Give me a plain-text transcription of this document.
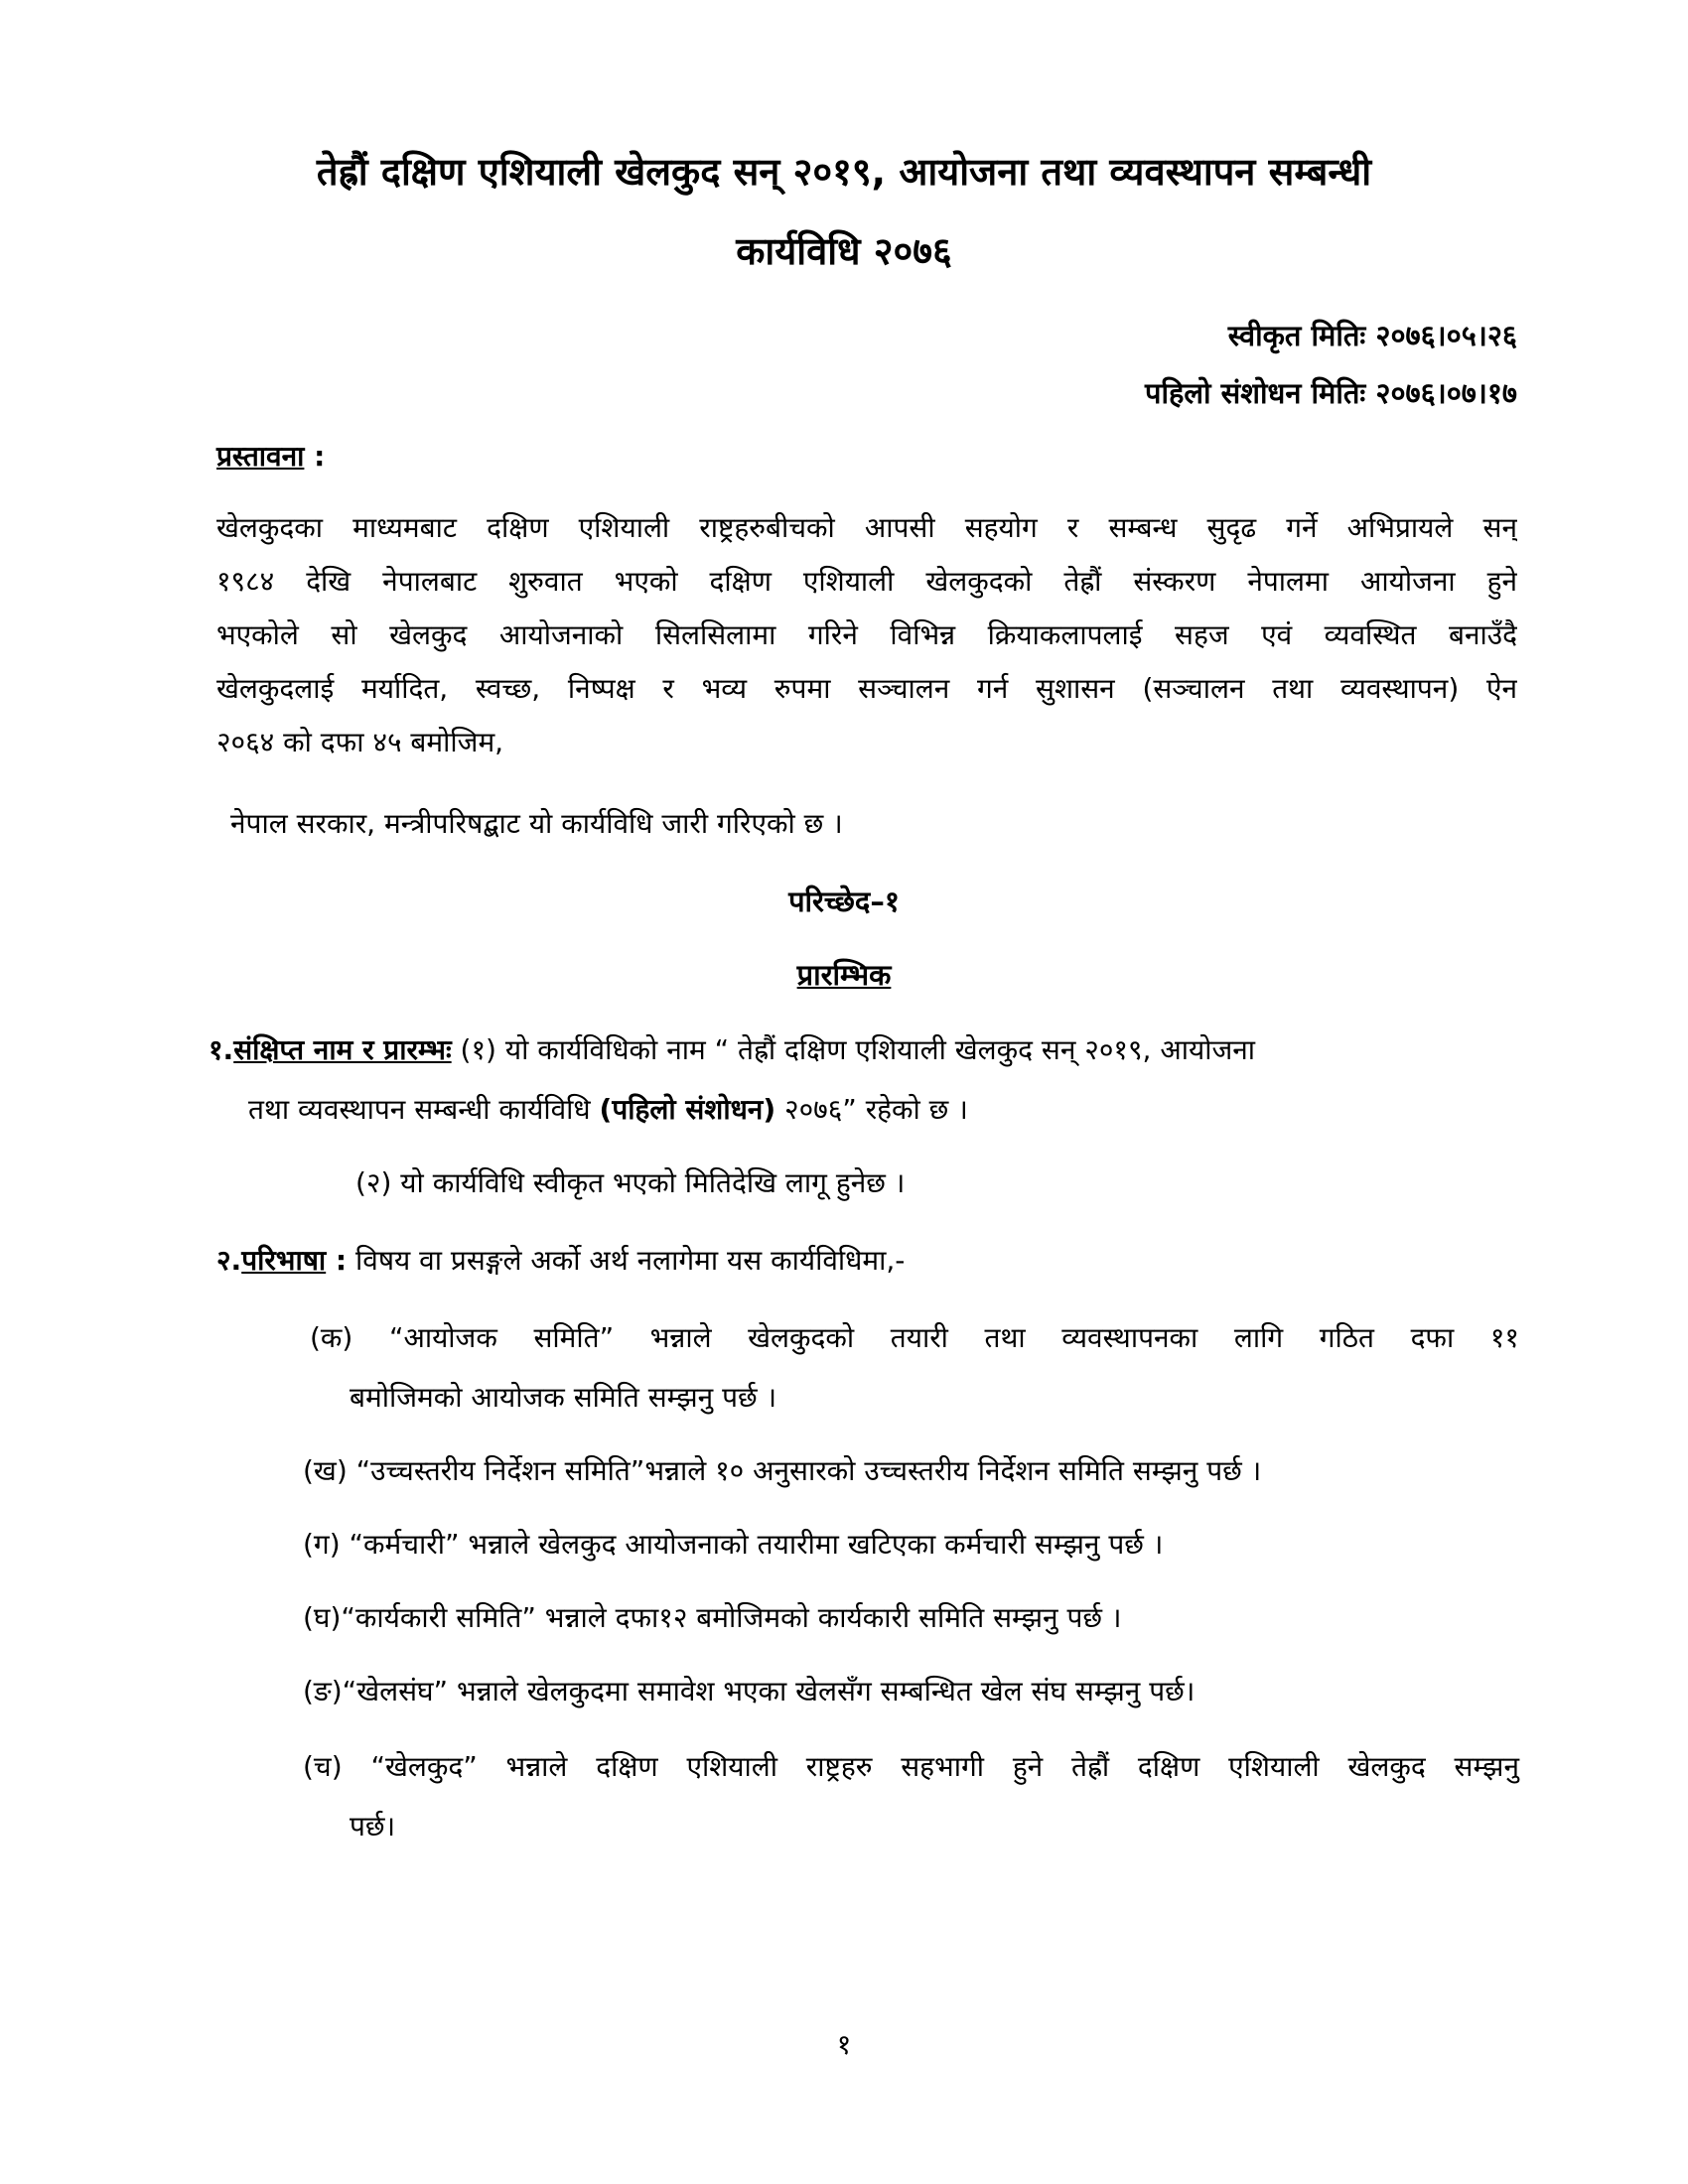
तेह्रौं दक्षिण एशियाली खेलकुद सन् २०१९, आयोजना तथा व्यवस्थापन सम्बन्धी
कार्यविधि २०७६
स्वीकृत मितिः २०७६।०५।२६
पहिलो संशोधन मितिः २०७६।०७।१७
प्रस्तावना :
खेलकुदका माध्यमबाट दक्षिण एशियाली राष्ट्रहरुबीचको आपसी सहयोग र सम्बन्ध सुदृढ गर्ने अभिप्रायले सन्
१९८४ देखि नेपालबाट शुरुवात भएको दक्षिण एशियाली खेलकुदको तेह्रौं संस्करण नेपालमा आयोजना हुने
भएकोले सो खेलकुद आयोजनाको सिलसिलामा गरिने विभिन्न क्रियाकलापलाई सहज एवं व्यवस्थित बनाउँदै
खेलकुदलाई मर्यादित, स्वच्छ, निष्पक्ष र भव्य रुपमा सञ्चालन गर्न सुशासन (सञ्चालन तथा व्यवस्थापन) ऐन
२०६४ को दफा ४५ बमोजिम,
नेपाल सरकार, मन्त्रीपरिषद्बाट यो कार्यविधि जारी गरिएको छ ।
परिच्छेद–१
प्रारम्भिक
१.संक्षिप्त नाम र प्रारम्भः (१) यो कार्यविधिको नाम “ तेह्रौं दक्षिण एशियाली खेलकुद सन् २०१९, आयोजना
तथा व्यवस्थापन सम्बन्धी कार्यविधि (पहिलो संशोधन) २०७६” रहेको छ ।
(२) यो कार्यविधि स्वीकृत भएको मितिदेखि लागू हुनेछ ।
२.परिभाषा : विषय वा प्रसङ्गले अर्को अर्थ नलागेमा यस कार्यविधिमा,-
(क) “आयोजक समिति” भन्नाले खेलकुदको तयारी तथा व्यवस्थापनका लागि गठित दफा ११
बमोजिमको आयोजक समिति सम्झनु पर्छ ।
(ख) “उच्चस्तरीय निर्देशन समिति”भन्नाले १० अनुसारको उच्चस्तरीय निर्देशन समिति सम्झनु पर्छ ।
(ग) “कर्मचारी” भन्नाले खेलकुद आयोजनाको तयारीमा खटिएका कर्मचारी सम्झनु पर्छ ।
(घ)“कार्यकारी समिति” भन्नाले दफा१२ बमोजिमको कार्यकारी समिति सम्झनु पर्छ ।
(ङ)“खेलसंघ” भन्नाले खेलकुदमा समावेश भएका खेलसँग सम्बन्धित खेल संघ सम्झनु पर्छ।
(च) “खेलकुद” भन्नाले दक्षिण एशियाली राष्ट्रहरु सहभागी हुने तेह्रौं दक्षिण एशियाली खेलकुद सम्झनु
पर्छ।
१
